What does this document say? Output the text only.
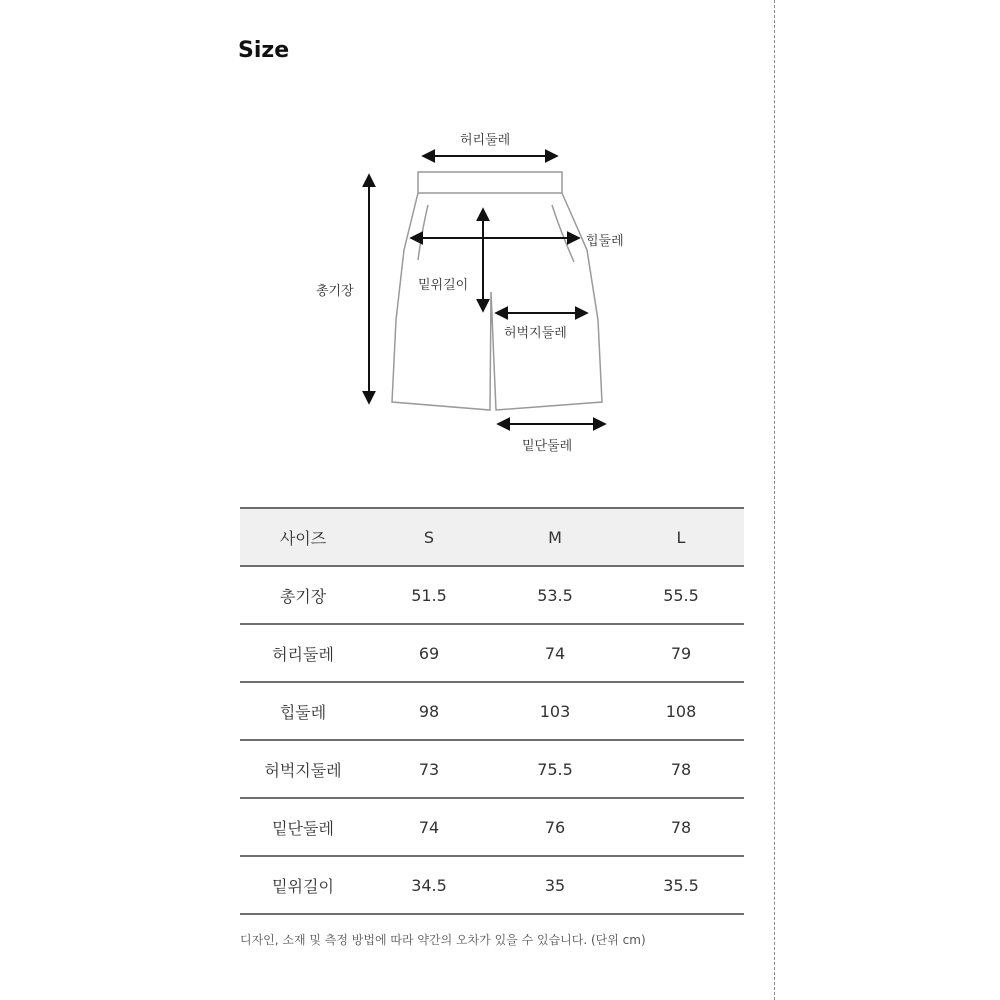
Size
허리둘레
힙둘레
총기장	밑위길이
허벅지둘레
밑단둘레
사이즈	S	M	L
총기장	51.5	53.5	55.5
허리둘레	69	74	79
힙둘레	98	103	108
허벅지둘레	73	75.5	78
밑단둘레	74	76	78
밑위길이	34.5	35	35.5
디자인, 소재 및 측정 방법에 따라 약간의 오차가 있을 수 있습니다. (단위 cm)
